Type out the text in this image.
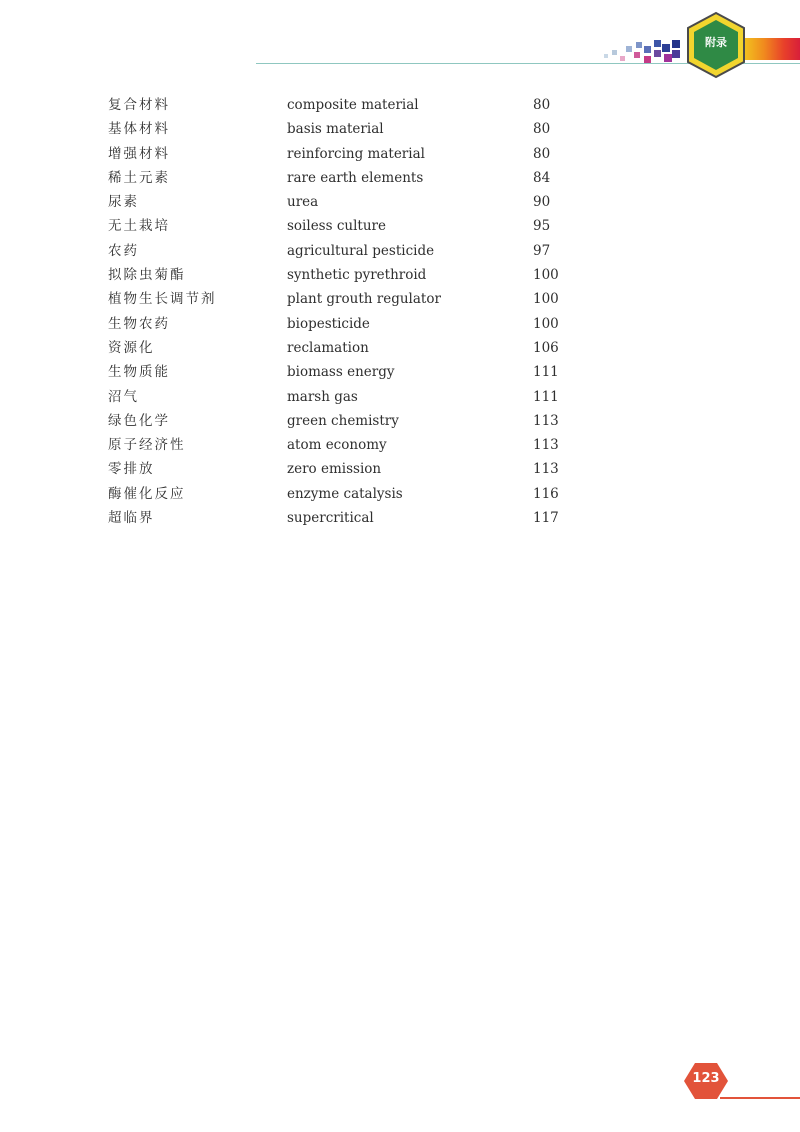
附录
复合材料	composite material	80
基体材料	basis material	80
增强材料	reinforcing material	80
稀土元素	rare earth elements	84
尿素	urea	90
无土栽培	soiless culture	95
农药	agricultural pesticide	97
拟除虫菊酯	synthetic pyrethroid	100
植物生长调节剂	plant grouth regulator	100
生物农药	biopesticide	100
资源化	reclamation	106
生物质能	biomass energy	111
沼气	marsh gas	111
绿色化学	green chemistry	113
原子经济性	atom economy	113
零排放	zero emission	113
酶催化反应	enzyme catalysis	116
超临界	supercritical	117
123
